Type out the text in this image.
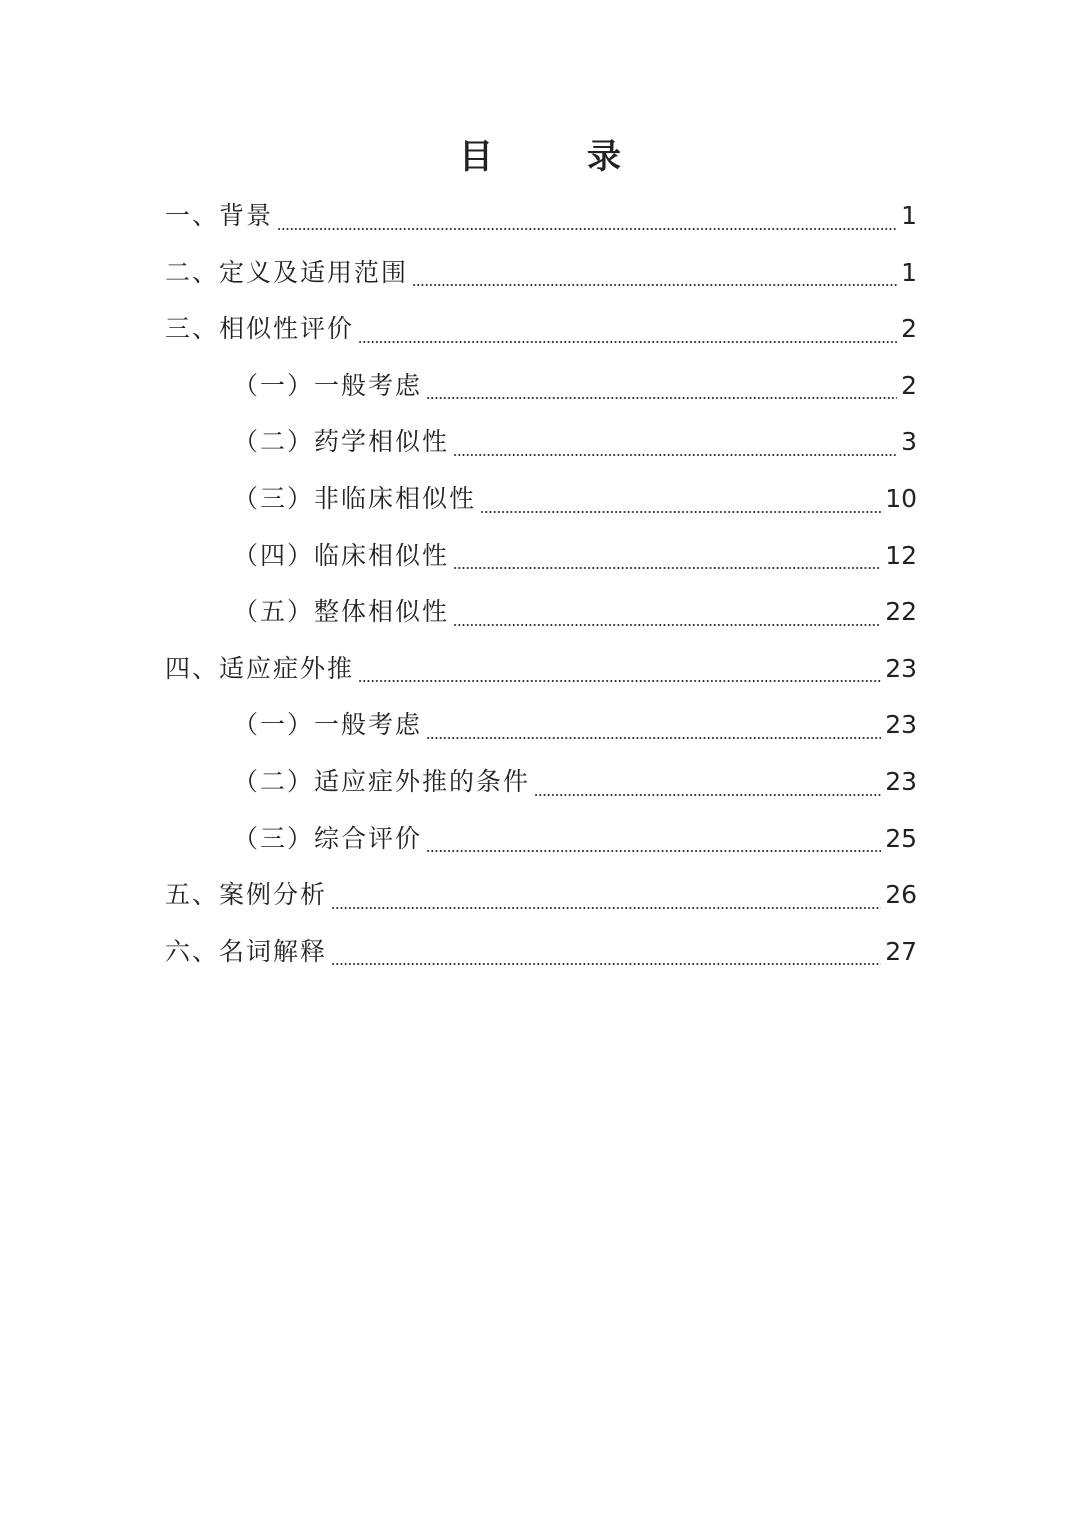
目　录
一、背景	1
二、定义及适用范围	1
三、相似性评价	2
（一）一般考虑	2
（二）药学相似性	3
（三）非临床相似性	10
（四）临床相似性	12
（五）整体相似性	22
四、适应症外推	23
（一）一般考虑	23
（二）适应症外推的条件	23
（三）综合评价	25
五、案例分析	26
六、名词解释	27
